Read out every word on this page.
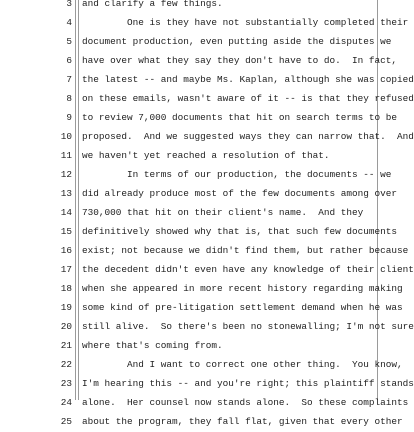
3 and clarify a few things.
4 One is they have not substantially completed their
5 document production, even putting aside the disputes we
6 have over what they say they don't have to do.  In fact,
7 the latest -- and maybe Ms. Kaplan, although she was copied
8 on these emails, wasn't aware of it -- is that they refused
9 to review 7,000 documents that hit on search terms to be
10 proposed.  And we suggested ways they can narrow that.  And
11 we haven't yet reached a resolution of that.
12 In terms of our production, the documents -- we
13 did already produce most of the few documents among over
14 730,000 that hit on their client's name.  And they
15 definitively showed why that is, that such few documents
16 exist; not because we didn't find them, but rather because
17 the decedent didn't even have any knowledge of their client
18 when she appeared in more recent history regarding making
19 some kind of pre-litigation settlement demand when he was
20 still alive.  So there's been no stonewalling; I'm not sure
21 where that's coming from.
22 And I want to correct one other thing.  You know,
23 I'm hearing this -- and you're right; this plaintiff stands
24 alone.  Her counsel now stands alone.  So these complaints
25 about the program, they fall flat, given that every other
